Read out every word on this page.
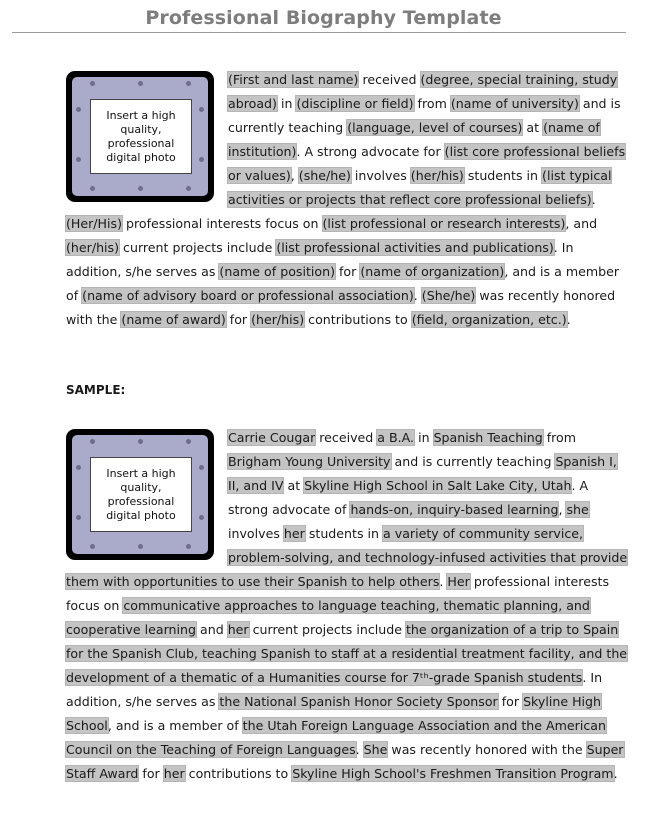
Professional Biography Template
Insert a high quality, professional digital photo

(First and last name) received (degree, special training, study abroad) in (discipline or field) from (name of university) and is currently teaching (language, level of courses) at (name of institution). A strong advocate for (list core professional beliefs or values), (she/he) involves (her/his) students in (list typical activities or projects that reflect core professional beliefs). (Her/His) professional interests focus on (list professional or research interests), and (her/his) current projects include (list professional activities and publications). In addition, s/he serves as (name of position) for (name of organization), and is a member of (name of advisory board or professional association). (She/he) was recently honored with the (name of award) for (her/his) contributions to (field, organization, etc.).

SAMPLE:
Insert a high quality, professional digital photo

Carrie Cougar received a B.A. in Spanish Teaching from Brigham Young University and is currently teaching Spanish I, II, and IV at Skyline High School in Salt Lake City, Utah. A strong advocate of hands-on, inquiry-based learning, she involves her students in a variety of community service, problem-solving, and technology-infused activities that provide them with opportunities to use their Spanish to help others. Her professional interests focus on communicative approaches to language teaching, thematic planning, and cooperative learning and her current projects include the organization of a trip to Spain for the Spanish Club, teaching Spanish to staff at a residential treatment facility, and the development of a thematic of a Humanities course for 7ᵗʰ-grade Spanish students. In addition, s/he serves as the National Spanish Honor Society Sponsor for Skyline High School, and is a member of the Utah Foreign Language Association and the American Council on the Teaching of Foreign Languages. She was recently honored with the Super Staff Award for her contributions to Skyline High School's Freshmen Transition Program.
